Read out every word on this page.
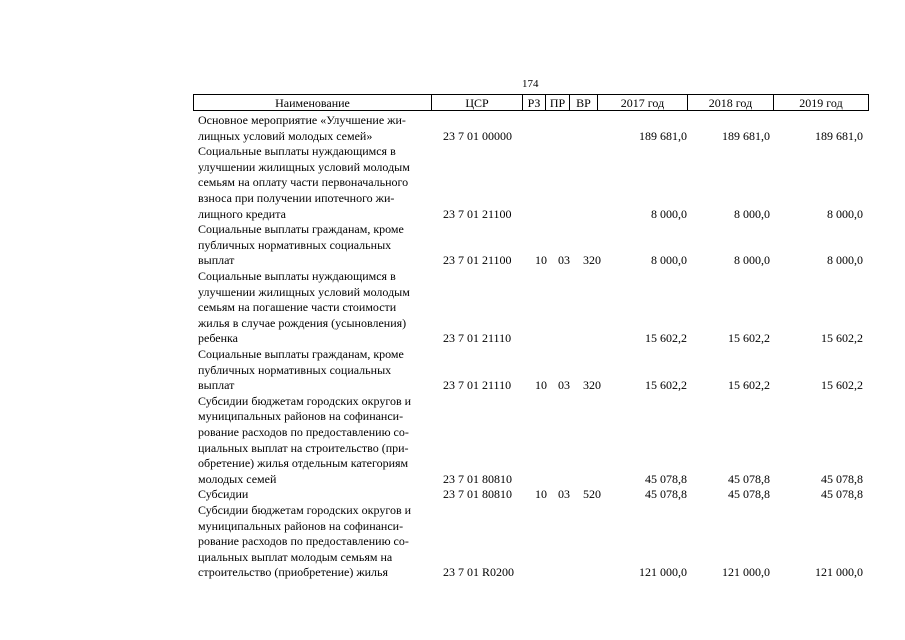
174
Наименование	ЦСР	РЗ ПР ВР	2017 год	2018 год	2019 год
Основное мероприятие «Улучшение жи-
лищных условий молодых семей»	23 7 01 00000	189 681,0	189 681,0	189 681,0
Социальные выплаты нуждающимся в
улучшении жилищных условий молодым
семьям на оплату части первоначального
взноса при получении ипотечного жи-
лищного кредита	23 7 01 21100	8 000,0	8 000,0	8 000,0
Социальные выплаты гражданам, кроме
публичных нормативных социальных
выплат	23 7 01 21100 10 03 320	8 000,0	8 000,0	8 000,0
Социальные выплаты нуждающимся в
улучшении жилищных условий молодым
семьям на погашение части стоимости
жилья в случае рождения (усыновления)
ребенка	23 7 01 21110	15 602,2	15 602,2	15 602,2
Социальные выплаты гражданам, кроме
публичных нормативных социальных
выплат	23 7 01 21110 10 03 320	15 602,2	15 602,2	15 602,2
Субсидии бюджетам городских округов и
муниципальных районов на софинанси-
рование расходов по предоставлению со-
циальных выплат на строительство (при-
обретение) жилья отдельным категориям
молодых семей	23 7 01 80810	45 078,8	45 078,8	45 078,8
Субсидии	23 7 01 80810 10 03 520	45 078,8	45 078,8	45 078,8
Субсидии бюджетам городских округов и
муниципальных районов на софинанси-
рование расходов по предоставлению со-
циальных выплат молодым семьям на
строительство (приобретение) жилья	23 7 01 R0200	121 000,0	121 000,0	121 000,0
